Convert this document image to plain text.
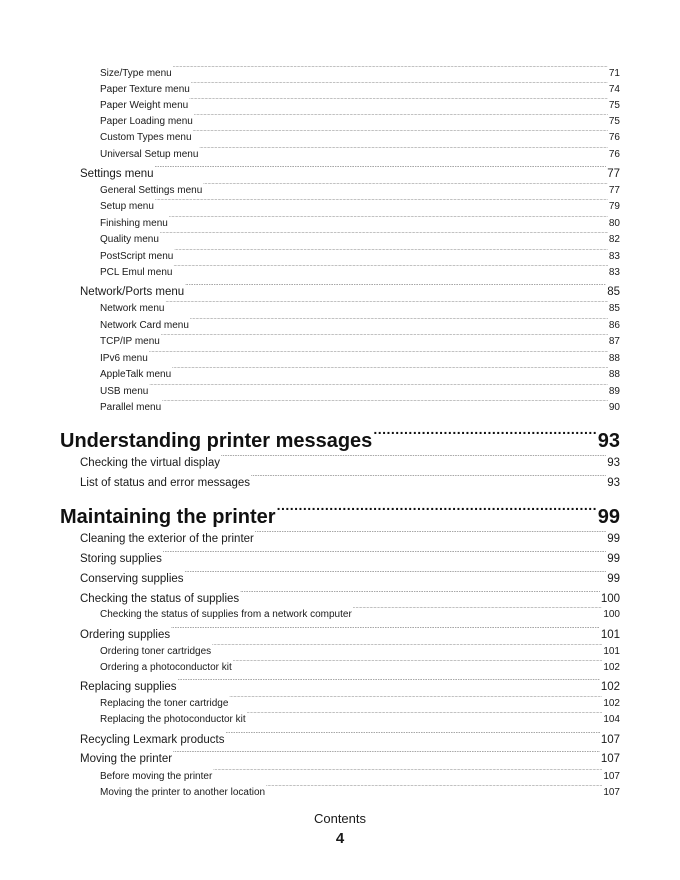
Size/Type menu .....	71
Paper Texture menu .....	74
Paper Weight menu .....	75
Paper Loading menu .....	75
Custom Types menu .....	76
Universal Setup menu .....	76
Settings menu .....	77
General Settings menu .....	77
Setup menu .....	79
Finishing menu .....	80
Quality menu .....	82
PostScript menu .....	83
PCL Emul menu .....	83
Network/Ports menu .....	85
Network menu .....	85
Network Card menu .....	86
TCP/IP menu .....	87
IPv6 menu .....	88
AppleTalk menu .....	88
USB menu .....	89
Parallel menu .....	90
Understanding printer messages .....	93
Checking the virtual display .....	93
List of status and error messages .....	93
Maintaining the printer .....	99
Cleaning the exterior of the printer .....	99
Storing supplies .....	99
Conserving supplies .....	99
Checking the status of supplies .....	100
Checking the status of supplies from a network computer .....	100
Ordering supplies .....	101
Ordering toner cartridges .....	101
Ordering a photoconductor kit .....	102
Replacing supplies .....	102
Replacing the toner cartridge .....	102
Replacing the photoconductor kit .....	104
Recycling Lexmark products .....	107
Moving the printer .....	107
Before moving the printer .....	107
Moving the printer to another location .....	107
Contents
4
